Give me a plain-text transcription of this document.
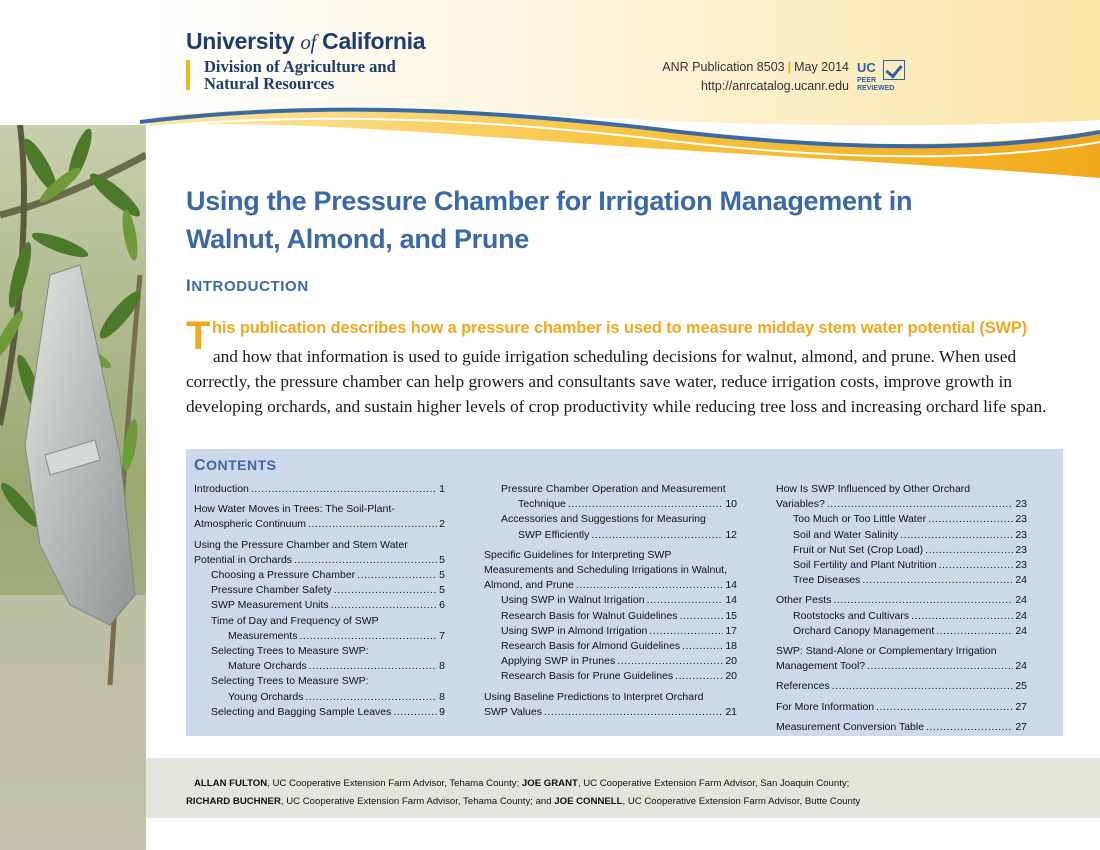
University of California
Division of Agriculture and
Natural Resources
ANR Publication 8503 | May 2014
http://anrcatalog.ucanr.edu
UC
PEER
REVIEWED
Using the Pressure Chamber for Irrigation Management in Walnut, Almond, and Prune
INTRODUCTION
T his publication describes how a pressure chamber is used to measure midday stem water potential (SWP)
and how that information is used to guide irrigation scheduling decisions for walnut, almond, and prune. When used correctly, the pressure chamber can help growers and consultants save water, reduce irrigation costs, improve growth in developing orchards, and sustain higher levels of crop productivity while reducing tree loss and increasing orchard life span.
CONTENTS
Introduction . . .	1
How Water Moves in Trees: The Soil-Plant-
Atmospheric Continuum . . .	2
Using the Pressure Chamber and Stem Water
Potential in Orchards . . .	5
Choosing a Pressure Chamber . . .	5
Pressure Chamber Safety . . .	5
SWP Measurement Units . . .	6
Time of Day and Frequency of SWP
Measurements . . .	7
Selecting Trees to Measure SWP:
Mature Orchards . . .	8
Selecting Trees to Measure SWP:
Young Orchards . . .	8
Selecting and Bagging Sample Leaves . . .	9
Pressure Chamber Operation and Measurement
Technique . . .	10
Accessories and Suggestions for Measuring
SWP Efficiently . . .	12
Specific Guidelines for Interpreting SWP
Measurements and Scheduling Irrigations in Walnut,
Almond, and Prune . . .	14
Using SWP in Walnut Irrigation . . .	14
Research Basis for Walnut Guidelines . . .	15
Using SWP in Almond Irrigation . . .	17
Research Basis for Almond Guidelines . . .	18
Applying SWP in Prunes . . .	20
Research Basis for Prune Guidelines . . .	20
Using Baseline Predictions to Interpret Orchard
SWP Values . . .	21
How Is SWP Influenced by Other Orchard
Variables? . . .	23
Too Much or Too Little Water . . .	23
Soil and Water Salinity . . .	23
Fruit or Nut Set (Crop Load) . . .	23
Soil Fertility and Plant Nutrition . . .	23
Tree Diseases . . .	24
Other Pests . . .	24
Rootstocks and Cultivars . . .	24
Orchard Canopy Management . . .	24
SWP: Stand-Alone or Complementary Irrigation
Management Tool? . . .	24
References . . .	25
For More Information . . .	27
Measurement Conversion Table . . .	27
ALLAN FULTON, UC Cooperative Extension Farm Advisor, Tehama County; JOE GRANT, UC Cooperative Extension Farm Advisor, San Joaquin County;
RICHARD BUCHNER, UC Cooperative Extension Farm Advisor, Tehama County; and JOE CONNELL, UC Cooperative Extension Farm Advisor, Butte County
